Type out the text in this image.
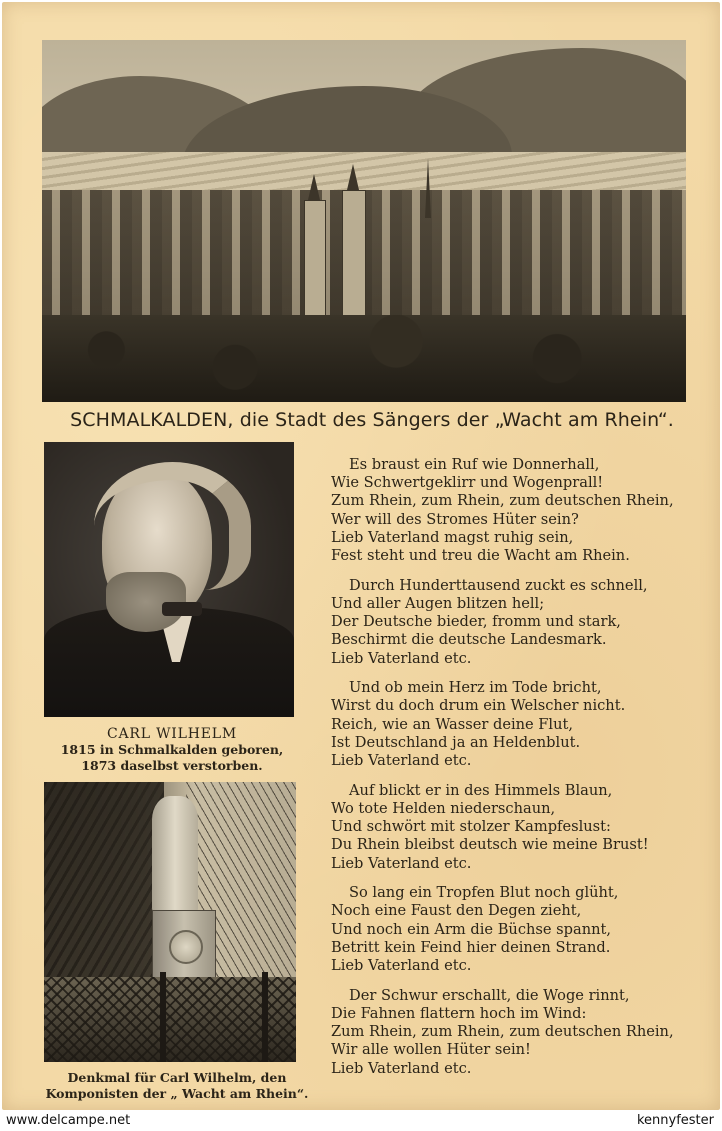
SCHMALKALDEN, die Stadt des Sängers der „Wacht am Rhein“.
CARL WILHELM
1815 in Schmalkalden geboren,
1873 daselbst verstorben.
Denkmal für Carl Wilhelm, den
Komponisten der „ Wacht am Rhein“.
Es braust ein Ruf wie Donnerhall,
Wie Schwertgeklirr und Wogenprall!
Zum Rhein, zum Rhein, zum deutschen Rhein,
Wer will des Stromes Hüter sein?
Lieb Vaterland magst ruhig sein,
Fest steht und treu die Wacht am Rhein.
Durch Hunderttausend zuckt es schnell,
Und aller Augen blitzen hell;
Der Deutsche bieder, fromm und stark,
Beschirmt die deutsche Landesmark.
Lieb Vaterland etc.
Und ob mein Herz im Tode bricht,
Wirst du doch drum ein Welscher nicht.
Reich, wie an Wasser deine Flut,
Ist Deutschland ja an Heldenblut.
Lieb Vaterland etc.
Auf blickt er in des Himmels Blaun,
Wo tote Helden niederschaun,
Und schwört mit stolzer Kampfeslust:
Du Rhein bleibst deutsch wie meine Brust!
Lieb Vaterland etc.
So lang ein Tropfen Blut noch glüht,
Noch eine Faust den Degen zieht,
Und noch ein Arm die Büchse spannt,
Betritt kein Feind hier deinen Strand.
Lieb Vaterland etc.
Der Schwur erschallt, die Woge rinnt,
Die Fahnen flattern hoch im Wind:
Zum Rhein, zum Rhein, zum deutschen Rhein,
Wir alle wollen Hüter sein!
Lieb Vaterland etc.
www.delcampe.net	kennyfester
